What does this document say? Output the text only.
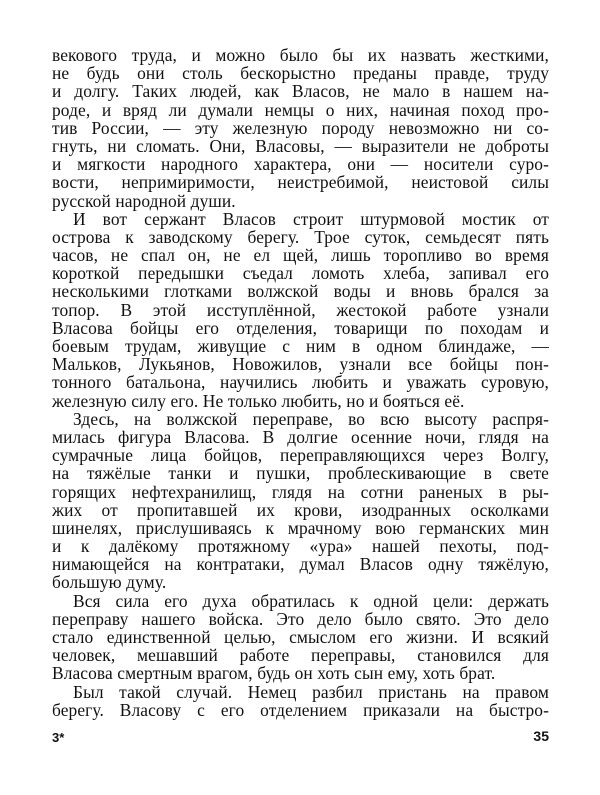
векового труда, и можно было бы их назвать жесткими,
не будь они столь бескорыстно преданы правде, труду
и долгу. Таких людей, как Власов, не мало в нашем на-
роде, и вряд ли думали немцы о них, начиная поход про-
тив России, — эту железную породу невозможно ни со-
гнуть, ни сломать. Они, Власовы, — выразители не доброты
и мягкости народного характера, они — носители суро-
вости, непримиримости, неистребимой, неистовой силы
русской народной души.
И вот сержант Власов строит штурмовой мостик от
острова к заводскому берегу. Трое суток, семьдесят пять
часов, не спал он, не ел щей, лишь торопливо во время
короткой передышки съедал ломоть хлеба, запивал его
несколькими глотками волжской воды и вновь брался за
топор. В этой исступлённой, жестокой работе узнали
Власова бойцы его отделения, товарищи по походам и
боевым трудам, живущие с ним в одном блиндаже, —
Мальков, Лукьянов, Новожилов, узнали все бойцы пон-
тонного батальона, научились любить и уважать суровую,
железную силу его. Не только любить, но и бояться её.
Здесь, на волжской переправе, во всю высоту распря-
милась фигура Власова. В долгие осенние ночи, глядя на
сумрачные лица бойцов, переправляющихся через Волгу,
на тяжёлые танки и пушки, проблескивающие в свете
горящих нефтехранилищ, глядя на сотни раненых в ры-
жих от пропитавшей их крови, изодранных осколками
шинелях, прислушиваясь к мрачному вою германских мин
и к далёкому протяжному «ура» нашей пехоты, под-
нимающейся на контратаки, думал Власов одну тяжёлую,
большую думу.
Вся сила его духа обратилась к одной цели: держать
переправу нашего войска. Это дело было свято. Это дело
стало единственной целью, смыслом его жизни. И всякий
человек, мешавший работе переправы, становился для
Власова смертным врагом, будь он хоть сын ему, хоть брат.
Был такой случай. Немец разбил пристань на правом
берегу. Власову с его отделением приказали на быстро-
3*	35
